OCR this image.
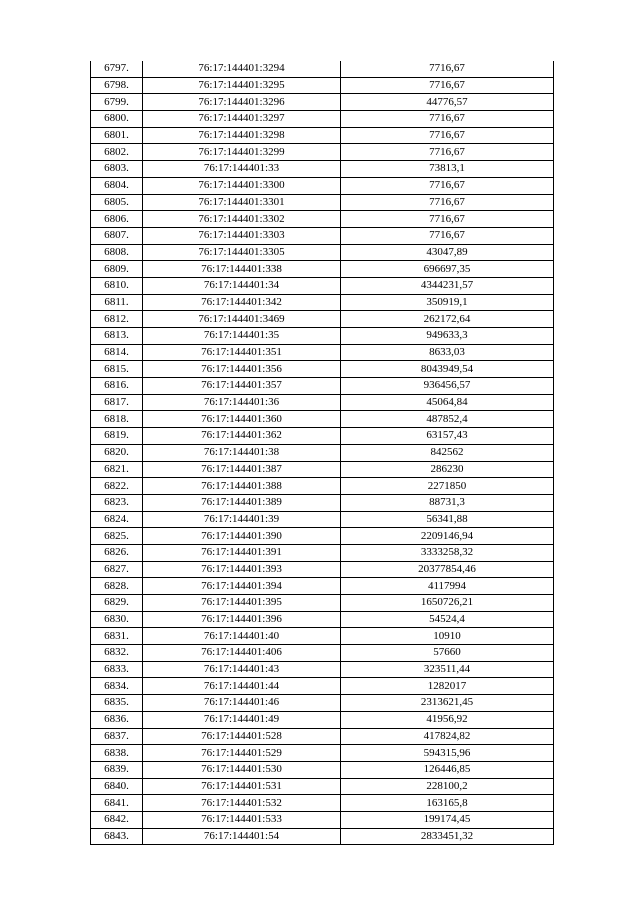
6797.	76:17:144401:3294	7716,67
6798.	76:17:144401:3295	7716,67
6799.	76:17:144401:3296	44776,57
6800.	76:17:144401:3297	7716,67
6801.	76:17:144401:3298	7716,67
6802.	76:17:144401:3299	7716,67
6803.	76:17:144401:33	73813,1
6804.	76:17:144401:3300	7716,67
6805.	76:17:144401:3301	7716,67
6806.	76:17:144401:3302	7716,67
6807.	76:17:144401:3303	7716,67
6808.	76:17:144401:3305	43047,89
6809.	76:17:144401:338	696697,35
6810.	76:17:144401:34	4344231,57
6811.	76:17:144401:342	350919,1
6812.	76:17:144401:3469	262172,64
6813.	76:17:144401:35	949633,3
6814.	76:17:144401:351	8633,03
6815.	76:17:144401:356	8043949,54
6816.	76:17:144401:357	936456,57
6817.	76:17:144401:36	45064,84
6818.	76:17:144401:360	487852,4
6819.	76:17:144401:362	63157,43
6820.	76:17:144401:38	842562
6821.	76:17:144401:387	286230
6822.	76:17:144401:388	2271850
6823.	76:17:144401:389	88731,3
6824.	76:17:144401:39	56341,88
6825.	76:17:144401:390	2209146,94
6826.	76:17:144401:391	3333258,32
6827.	76:17:144401:393	20377854,46
6828.	76:17:144401:394	4117994
6829.	76:17:144401:395	1650726,21
6830.	76:17:144401:396	54524,4
6831.	76:17:144401:40	10910
6832.	76:17:144401:406	57660
6833.	76:17:144401:43	323511,44
6834.	76:17:144401:44	1282017
6835.	76:17:144401:46	2313621,45
6836.	76:17:144401:49	41956,92
6837.	76:17:144401:528	417824,82
6838.	76:17:144401:529	594315,96
6839.	76:17:144401:530	126446,85
6840.	76:17:144401:531	228100,2
6841.	76:17:144401:532	163165,8
6842.	76:17:144401:533	199174,45
6843.	76:17:144401:54	2833451,32
